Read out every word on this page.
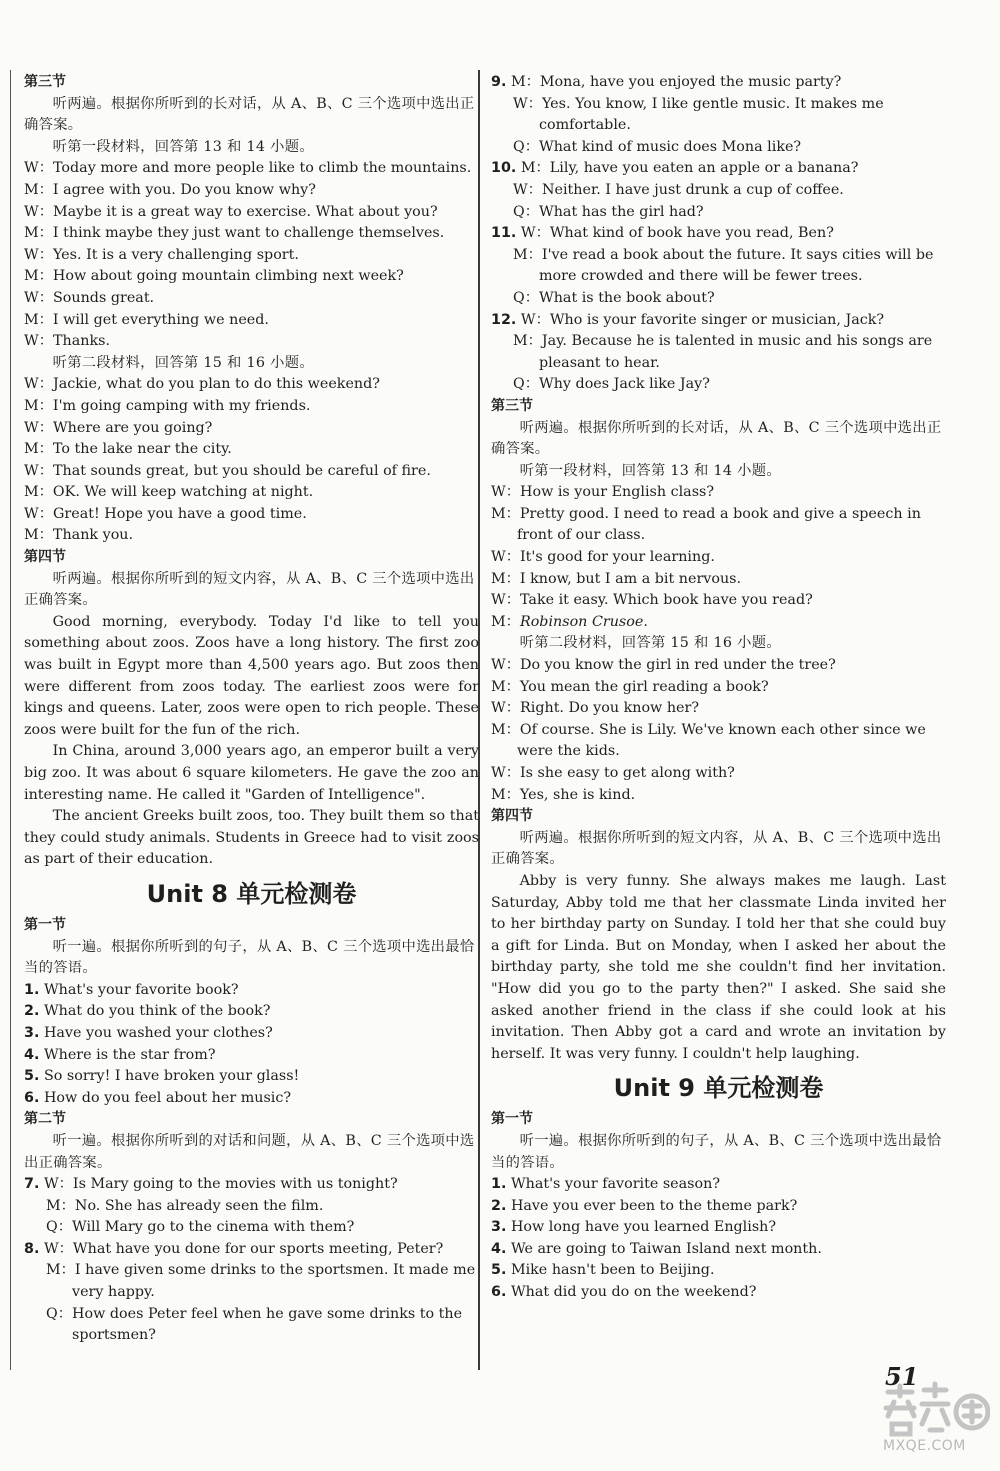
第三节

听两遍。根据你所听到的长对话，从 A、B、C 三个选项中选出正确答案。

听第一段材料，回答第 13 和 14 小题。

W：Today more and more people like to climb the mountains.

M：I agree with you. Do you know why?

W：Maybe it is a great way to exercise. What about you?

M：I think maybe they just want to challenge themselves.

W：Yes. It is a very challenging sport.

M：How about going mountain climbing next week?

W：Sounds great.

M：I will get everything we need.

W：Thanks.

听第二段材料，回答第 15 和 16 小题。

W：Jackie, what do you plan to do this weekend?

M：I'm going camping with my friends.

W：Where are you going?

M：To the lake near the city.

W：That sounds great, but you should be careful of fire.

M：OK. We will keep watching at night.

W：Great! Hope you have a good time.

M：Thank you.

第四节

听两遍。根据你所听到的短文内容，从 A、B、C 三个选项中选出正确答案。

Good morning, everybody. Today I'd like to tell you something about zoos. Zoos have a long history. The first zoo was built in Egypt more than 4,500 years ago. But zoos then were different from zoos today. The earliest zoos were for kings and queens. Later, zoos were open to rich people. These zoos were built for the fun of the rich.

In China, around 3,000 years ago, an emperor built a very big zoo. It was about 6 square kilometers. He gave the zoo an interesting name. He called it "Garden of Intelligence".

The ancient Greeks built zoos, too. They built them so that they could study animals. Students in Greece had to visit zoos as part of their education.

Unit 8 单元检测卷

第一节

听一遍。根据你所听到的句子，从 A、B、C 三个选项中选出最恰当的答语。

1. What's your favorite book?

2. What do you think of the book?

3. Have you washed your clothes?

4. Where is the star from?

5. So sorry! I have broken your glass!

6. How do you feel about her music?

第二节

听一遍。根据你所听到的对话和问题，从 A、B、C 三个选项中选出正确答案。

7. W：Is Mary going to the movies with us tonight?

M：No. She has already seen the film.

Q：Will Mary go to the cinema with them?

8. W：What have you done for our sports meeting, Peter?

M：I have given some drinks to the sportsmen. It made me very happy.

Q：How does Peter feel when he gave some drinks to the sportsmen?

9. M：Mona, have you enjoyed the music party?

W：Yes. You know, I like gentle music. It makes me comfortable.

Q：What kind of music does Mona like?

10. M：Lily, have you eaten an apple or a banana?

W：Neither. I have just drunk a cup of coffee.

Q：What has the girl had?

11. W：What kind of book have you read, Ben?

M：I've read a book about the future. It says cities will be more crowded and there will be fewer trees.

Q：What is the book about?

12. W：Who is your favorite singer or musician, Jack?

M：Jay. Because he is talented in music and his songs are pleasant to hear.

Q：Why does Jack like Jay?

第三节

听两遍。根据你所听到的长对话，从 A、B、C 三个选项中选出正确答案。

听第一段材料，回答第 13 和 14 小题。

W：How is your English class?

M：Pretty good. I need to read a book and give a speech in front of our class.

W：It's good for your learning.

M：I know, but I am a bit nervous.

W：Take it easy. Which book have you read?

M：Robinson Crusoe.

听第二段材料，回答第 15 和 16 小题。

W：Do you know the girl in red under the tree?

M：You mean the girl reading a book?

W：Right. Do you know her?

M：Of course. She is Lily. We've known each other since we were the kids.

W：Is she easy to get along with?

M：Yes, she is kind.

第四节

听两遍。根据你所听到的短文内容，从 A、B、C 三个选项中选出正确答案。

Abby is very funny. She always makes me laugh. Last Saturday, Abby told me that her classmate Linda invited her to her birthday party on Sunday. I told her that she could buy a gift for Linda. But on Monday, when I asked her about the birthday party, she told me she couldn't find her invitation. "How did you go to the party then?" I asked. She said she asked another friend in the class if she could look at his invitation. Then Abby got a card and wrote an invitation by herself. It was very funny. I couldn't help laughing.

Unit 9 单元检测卷

第一节

听一遍。根据你所听到的句子，从 A、B、C 三个选项中选出最恰当的答语。

1. What's your favorite season?

2. Have you ever been to the theme park?

3. How long have you learned English?

4. We are going to Taiwan Island next month.

5. Mike hasn't been to Beijing.

6. What did you do on the weekend?

51
答案圈
MXQE.COM
